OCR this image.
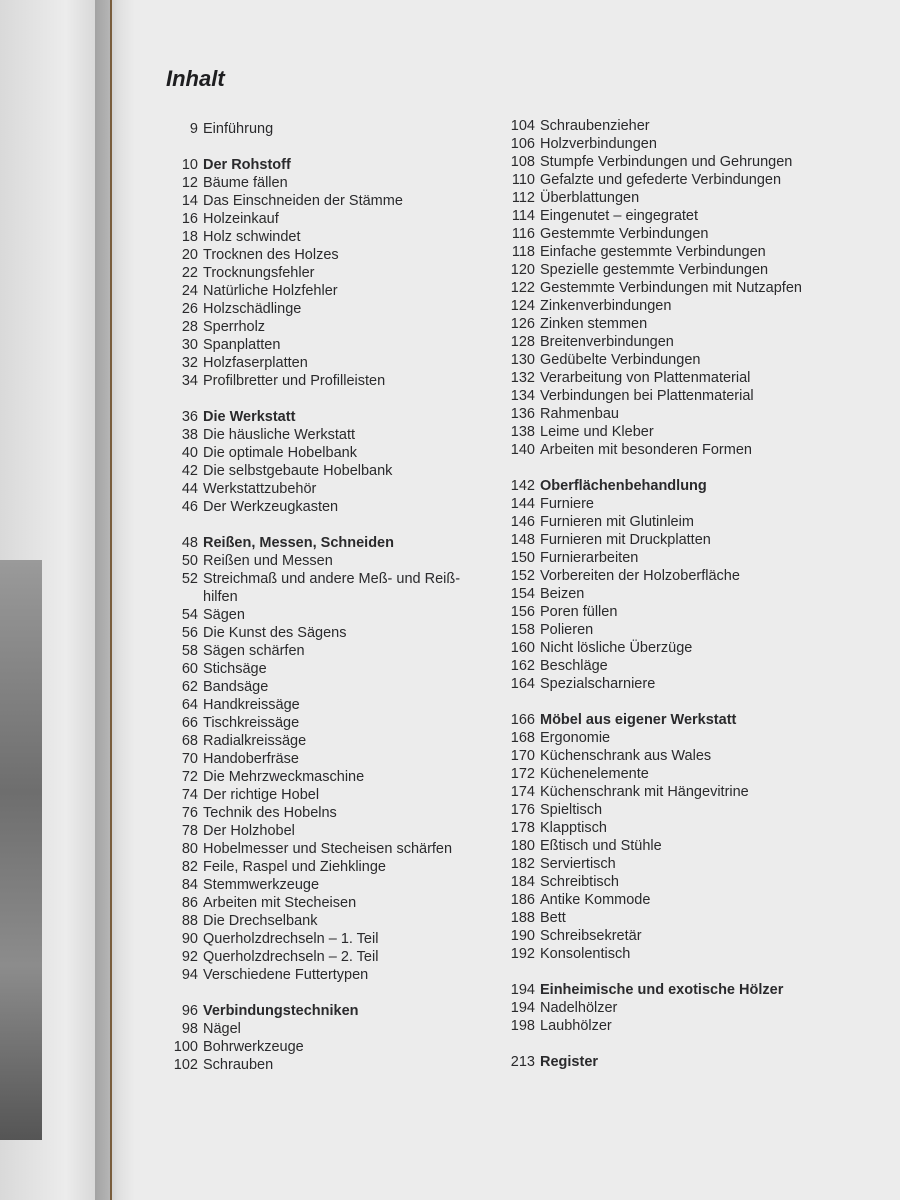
Inhalt
9 Einführung
10 Der Rohstoff
12 Bäume fällen
14 Das Einschneiden der Stämme
16 Holzeinkauf
18 Holz schwindet
20 Trocknen des Holzes
22 Trocknungsfehler
24 Natürliche Holzfehler
26 Holzschädlinge
28 Sperrholz
30 Spanplatten
32 Holzfaserplatten
34 Profilbretter und Profilleisten
36 Die Werkstatt
38 Die häusliche Werkstatt
40 Die optimale Hobelbank
42 Die selbstgebaute Hobelbank
44 Werkstattzubehör
46 Der Werkzeugkasten
48 Reißen, Messen, Schneiden
50 Reißen und Messen
52 Streichmaß und andere Meß- und Reiß-
hilfen
54 Sägen
56 Die Kunst des Sägens
58 Sägen schärfen
60 Stichsäge
62 Bandsäge
64 Handkreissäge
66 Tischkreissäge
68 Radialkreissäge
70 Handoberfräse
72 Die Mehrzweckmaschine
74 Der richtige Hobel
76 Technik des Hobelns
78 Der Holzhobel
80 Hobelmesser und Stecheisen schärfen
82 Feile, Raspel und Ziehklinge
84 Stemmwerkzeuge
86 Arbeiten mit Stecheisen
88 Die Drechselbank
90 Querholzdrechseln – 1. Teil
92 Querholzdrechseln – 2. Teil
94 Verschiedene Futtertypen
96 Verbindungstechniken
98 Nägel
100 Bohrwerkzeuge
102 Schrauben
104 Schraubenzieher
106 Holzverbindungen
108 Stumpfe Verbindungen und Gehrungen
110 Gefalzte und gefederte Verbindungen
112 Überblattungen
114 Eingenutet – eingegratet
116 Gestemmte Verbindungen
118 Einfache gestemmte Verbindungen
120 Spezielle gestemmte Verbindungen
122 Gestemmte Verbindungen mit Nutzapfen
124 Zinkenverbindungen
126 Zinken stemmen
128 Breitenverbindungen
130 Gedübelte Verbindungen
132 Verarbeitung von Plattenmaterial
134 Verbindungen bei Plattenmaterial
136 Rahmenbau
138 Leime und Kleber
140 Arbeiten mit besonderen Formen
142 Oberflächenbehandlung
144 Furniere
146 Furnieren mit Glutinleim
148 Furnieren mit Druckplatten
150 Furnierarbeiten
152 Vorbereiten der Holzoberfläche
154 Beizen
156 Poren füllen
158 Polieren
160 Nicht lösliche Überzüge
162 Beschläge
164 Spezialscharniere
166 Möbel aus eigener Werkstatt
168 Ergonomie
170 Küchenschrank aus Wales
172 Küchenelemente
174 Küchenschrank mit Hängevitrine
176 Spieltisch
178 Klapptisch
180 Eßtisch und Stühle
182 Serviertisch
184 Schreibtisch
186 Antike Kommode
188 Bett
190 Schreibsekretär
192 Konsolentisch
194 Einheimische und exotische Hölzer
194 Nadelhölzer
198 Laubhölzer
213 Register
